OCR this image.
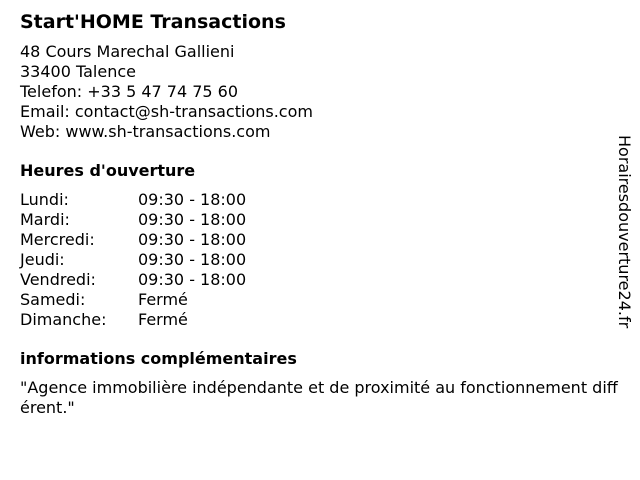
Start'HOME Transactions
48 Cours Marechal Gallieni
33400 Talence
Telefon: +33 5 47 74 75 60
Email: contact@sh-transactions.com
Web: www.sh-transactions.com
Heures d'ouverture
Lundi:	09:30 - 18:00
Mardi:	09:30 - 18:00
Mercredi:	09:30 - 18:00
Jeudi:	09:30 - 18:00
Vendredi:	09:30 - 18:00
Samedi:	Fermé
Dimanche:	Fermé
informations complémentaires
"Agence immobilière indépendante et de proximité au fonctionnement différent."
Horairesdouverture24.fr
